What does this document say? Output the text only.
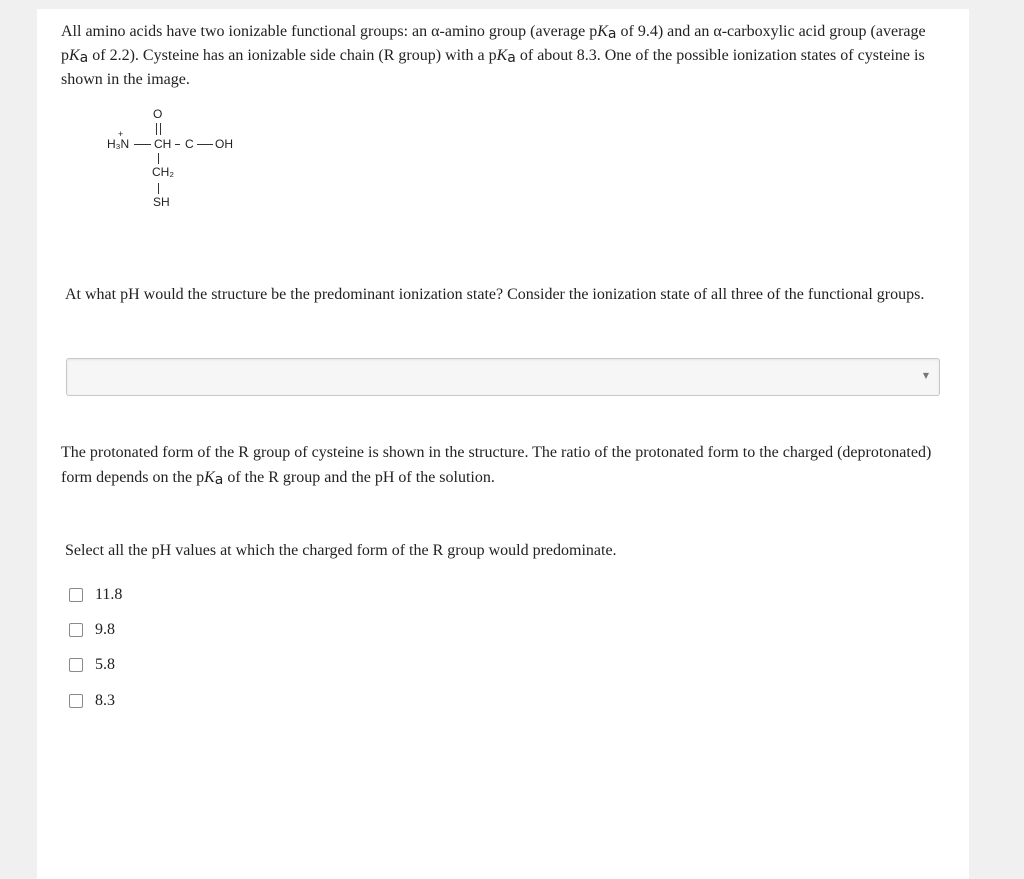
All amino acids have two ionizable functional groups: an α-amino group (average pKa of 9.4) and an α-carboxylic acid group (average pKa of 2.2). Cysteine has an ionizable side chain (R group) with a pKa of about 8.3. One of the possible ionization states of cysteine is shown in the image.

O
+
H₃N CH C OH
CH₂
SH

At what pH would the structure be the predominant ionization state? Consider the ionization state of all three of the functional groups.

▼

The protonated form of the R group of cysteine is shown in the structure. The ratio of the protonated form to the charged (deprotonated) form depends on the pKa of the R group and the pH of the solution.

Select all the pH values at which the charged form of the R group would predominate.

11.8
9.8
5.8
8.3
